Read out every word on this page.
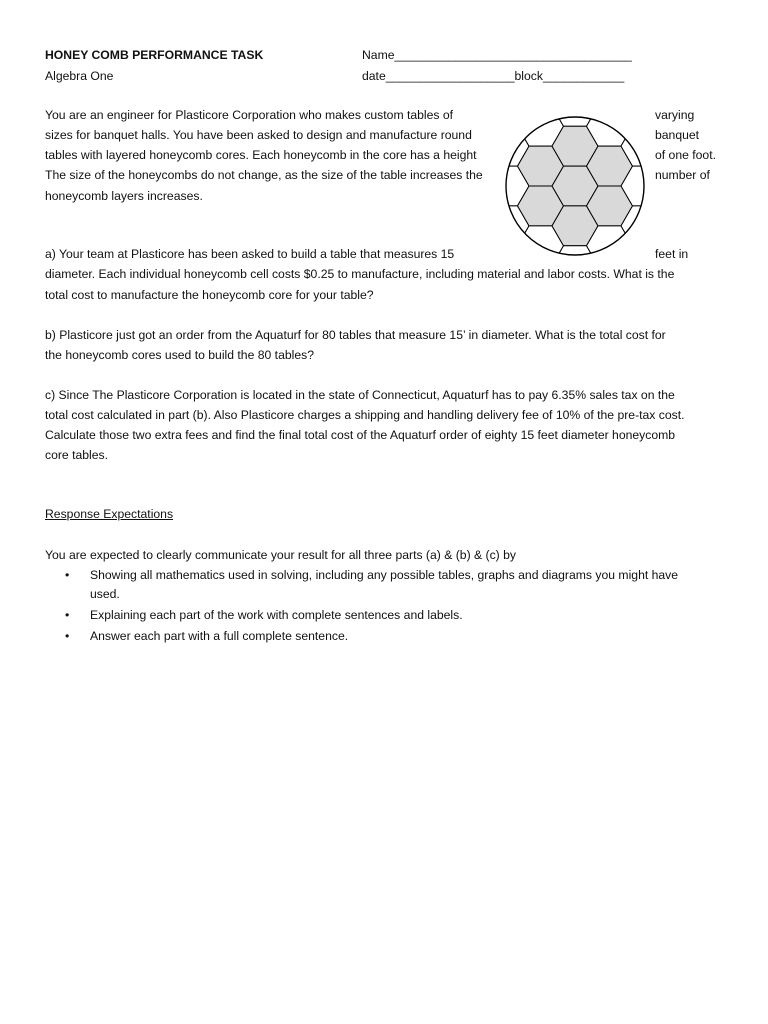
HONEY COMB PERFORMANCE TASK
Algebra One
Name___________________________________
date___________________block____________
You are an engineer for Plasticore Corporation who makes custom tables of
sizes for banquet halls. You have been asked to design and manufacture round
tables with layered honeycomb cores. Each honeycomb in the core has a height
The size of the honeycombs do not change, as the size of the table increases the
honeycomb layers increases.
varying
banquet
of one foot.
number of
a) Your team at Plasticore has been asked to build a table that measures 15	feet in
diameter. Each individual honeycomb cell costs $0.25 to manufacture, including material and labor costs. What is the
total cost to manufacture the honeycomb core for your table?
b) Plasticore just got an order from the Aquaturf for 80 tables that measure 15’ in diameter. What is the total cost for
the honeycomb cores used to build the 80 tables?
c) Since The Plasticore Corporation is located in the state of Connecticut, Aquaturf has to pay 6.35% sales tax on the
total cost calculated in part (b). Also Plasticore charges a shipping and handling delivery fee of 10% of the pre-tax cost.
Calculate those two extra fees and find the final total cost of the Aquaturf order of eighty 15 feet diameter honeycomb
core tables.
Response Expectations
You are expected to clearly communicate your result for all three parts (a) & (b) & (c) by
• Showing all mathematics used in solving, including any possible tables, graphs and diagrams you might have
used.
• Explaining each part of the work with complete sentences and labels.
• Answer each part with a full complete sentence.
